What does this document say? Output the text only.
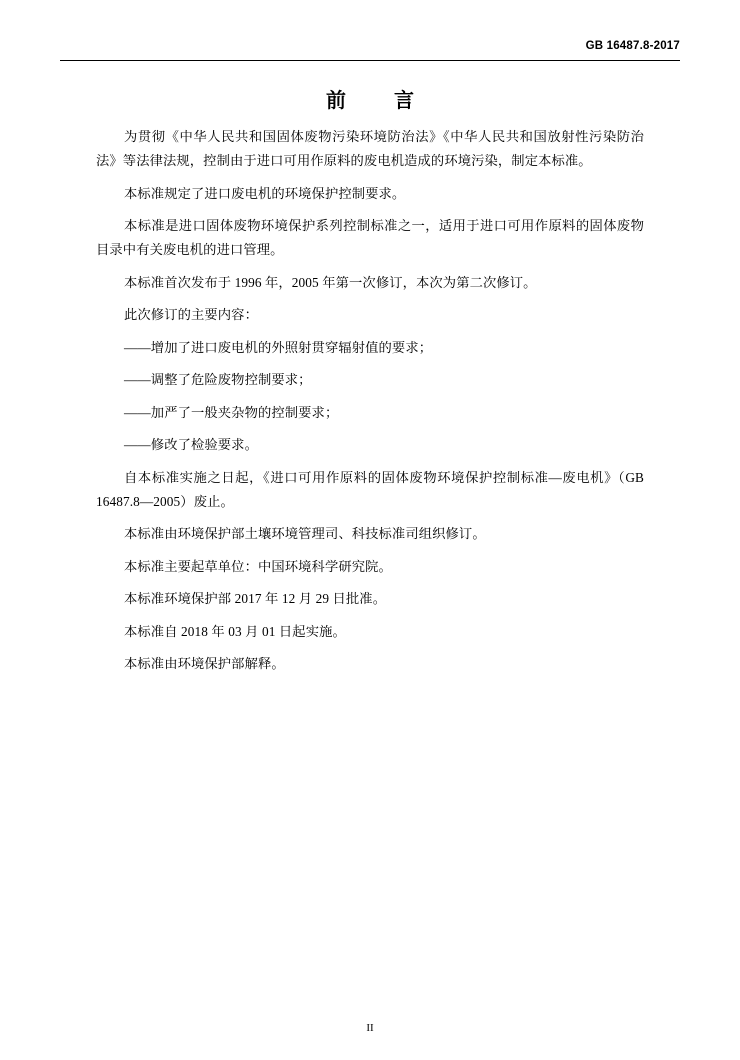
GB 16487.8-2017
前　言

为贯彻《中华人民共和国固体废物污染环境防治法》《中华人民共和国放射性污染防治法》等法律法规，控制由于进口可用作原料的废电机造成的环境污染，制定本标准。

本标准规定了进口废电机的环境保护控制要求。

本标准是进口固体废物环境保护系列控制标准之一，适用于进口可用作原料的固体废物目录中有关废电机的进口管理。

本标准首次发布于 1996 年，2005 年第一次修订，本次为第二次修订。

此次修订的主要内容：

——增加了进口废电机的外照射贯穿辐射值的要求；

——调整了危险废物控制要求；

——加严了一般夹杂物的控制要求；

——修改了检验要求。

自本标准实施之日起，《进口可用作原料的固体废物环境保护控制标准—废电机》（GB 16487.8—2005）废止。

本标准由环境保护部土壤环境管理司、科技标准司组织修订。

本标准主要起草单位：中国环境科学研究院。

本标准环境保护部 2017 年 12 月 29 日批准。

本标准自 2018 年 03 月 01 日起实施。

本标准由环境保护部解释。

II
